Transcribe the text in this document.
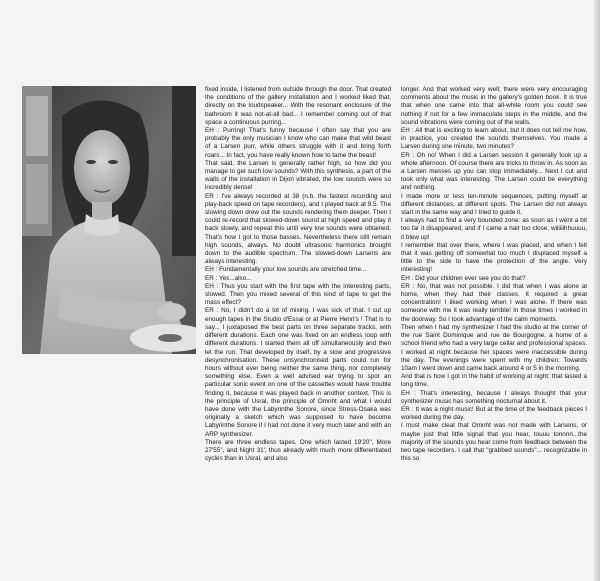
fixed inside, I listened from outside through the door. That created the conditions of the gallery installation and I worked liked that, directly on the loudspeaker... With the resonant enclosure of the bathroom it was not-at-all bad... I remember coming out of that space a continuous purring...

EH : Purring! That's funny because I often say that you are probably the only musician I know who can make that wild beast of a Larsen purr, while others struggle with it and bring forth roars... In fact, you have really known how to tame the beast!

That said, the Larsen is generally rather high, so how did you manage to get such low sounds? With this synthesis, a part of the walls of the installation in Dijon vibrated, the low sounds were so incredibly dense!

ER : I've always recorded at 38 (n.b. the fastest recording and play-back speed on tape recorders), and I played back at 9.5. The slowing down drew out the sounds rendering them deeper. Then I could re-record that slowed-down sound at high speed and play it back slowly, and repeat this until very low sounds were obtained. That's how I got to those basses. Nevertheless there still remain high sounds, always. No doubt ultrasonic harmonics brought down to the audible spectrum. The slowed-down Larsens are always interesting.

EH : Fundamentally your low sounds are stretched time...

ER : Yes...also...

EH : Thus you start with the first tape with the interesting parts, slowed. Then you mixed several of this kind of tape to get the mass effect?

ER : No, I didn't do a lot of mixing. I was sick of that. I cut up enough tapes in the Studio d'Essai or at Pierre Henri's ! That is to say... I juxtaposed the best parts on three separate tracks, with different durations. Each one was fixed on an endless loop with different durations. I started them all off simultaneously and then let the run. That developed by itself, by a slow and progressive desynchronisation. These unsynchronised parts could run for hours without ever being neither the same thing, nor completely something else. Even a well advised ear trying to spot an particular sonic event on one of the cassettes would have trouble finding it, because it was played back in another context. This is the principle of Usral, the principle of Omnht and what I would have done with the Labyrinthe Sonore, since Stress-Osaka was originally a sketch which was supposed to have become Labyrinthe Sonore if I had not done it very much later and with an ARP synthesizer.

There are three endless tapes. One which lasted 19'20", More 27'55", and Night 31', thus already with much more differentiated cycles than in Usral, and also

longer. And that worked very well; there were very encouraging comments about the music in the gallery's golden book. It is true that when one came into that all-white room you could see nothing if not for a few immaculate steps in the middle, and the sound vibrations were coming out of the walls.

EH : All that is exciting to learn about, but it does not tell me how, in practice, you created the sounds themselves. You made a Larsen during one minute, two minutes?

ER : Oh no! When I did a Larsen session it generally took up a whole afternoon. Of course there are tricks to throw in. As soon as a Larsen messes up you can stop immediately... Next I cut and took only what was interesting. The Larsen could be everything and nothing.

I made more or less ten-minute sequences, putting myself at different distances, at different spots. The Larsen did not always start in the same way and I tried to guide it.

I always had to find a very bounded zone: as soon as I went a bit too far it disappeared, and if I came a hair too close, wiiiiiihhuuuu, it blew up!

I remember that over there, where I was placed, and when I felt that it was getting off somewhat too much I displaced myself a little to the side to have the protection of the angle. Very interesting!

EH : Did your children ever see you do that?

ER : No, that was not possible. I did that when I was alone at home, when they had their classes. It required a great concentration! I liked working when I was alone. If there was someone with me it was really terrible! In those times I worked in the doorway. So I took advantage of the calm moments.

Then when I had my synthesizer I had the studio at the corner of the rue Saint Dominique and rue de Bourgogne, a home of a school friend who had a very large cellar and professional spaces. I worked at night because her spaces were inaccessible during the day. The evenings were spent with my children: Towards 10am I went down and came back around 4 or 5 in the morning.

And that is how I got in the habit of working at night; that lasted a long time.

EH : That's interesting, because I always thought that your synthesizer music has something nocturnal about it.

ER : It was a night music! But at the time of the feedback pieces I worked during the day.

I must make cleat that Omnht was not made with Larsens, or maybe just that little signal that you hear, touuu tonnnn...the majority of the sounds you hear come from feedback between the two tape recorders. I call that "grabbed sounds"... recognizable in this so
